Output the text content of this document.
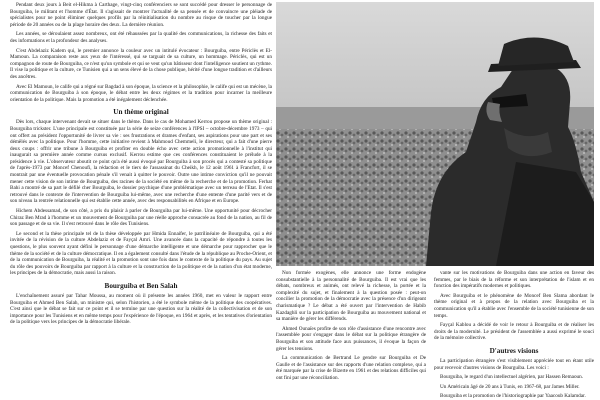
Pendant deux jours à Beit el-Hikma à Carthage, vingt-cinq conférenciers se sont succédé pour dresser le personnage de Bourguiba, le militant et l'homme d'État. Il s'agissait de montrer l'actualité de sa pensée et de convaincre une pléiade de spécialistes pour ne point éliminer quelques profils par la réinitialisation du nombre au risque de toucher par la longue période de 20 années ou de la plage horaire des deux. La dernière réunion.

Les années, se déroulaient assez nombreux, ont été réhaussées par la qualité des communications, la richesse des faits et des informations et la profondeur des analyses.

C'est Abdelaziz Kadem qui, le premier annonce la couleur avec un intitulé évocateur : Bourguiba, entre Périclès et El-Mamoun. La comparaison reste aux yeux de l'intéressé, qui se targuait de sa culture, un hommage. Périclès, qui est un compagnon de route de Bourguiba, ce n'est qu'un symbole et qui se veut qu'un bâtisseur dont l'intelligence soutient un rythme. Il vise la politique et la culture, ce Tunisien qui a un sens élevé de la chose publique, hérité d'une longue tradition et d'ailleurs des ancêtres.

Avec El Mamoun, le calife qui a régné sur Bagdad à son époque, la science et la philosophie, le calife qui est un mécène, la communication de Bourguiba à son époque, le débat entre les deux régimes et la tradition pour incarner la meilleure orientation de la politique. Mais la promotion a été inégalement déclenchée.

Un thème original

Dès lors, chaque intervenant devait se situer dans le thème. Dans le cas de Mohamed Kerrou propose un thème original : Bourguiba trickster. L'une principale est constituée par la série de seize conférences à l'IPSI – octobre-décembre 1973 – qui ont offert au président l'opportunité de livrer sa vie : ses frustrations et drames d'enfant, ses aspirations pour une part et ses démêlés avec la politique. Pour l'homme, cette initiative revient à Mahmoud Chemmeli, le directeur, qui a fait d'une pierre deux coups : offrir une tribune à Bourguiba et profiter en double écho avec cette action promotionnelle à l'institut qui inaugurait sa première année comme cursus exclusif. Kerrou estime que ces conférences constituaient le prélude à la présidence à vie. L'observateur aboutit ce point qu'a été aussi évoqué par Bourguiba à son procès qui a contesté sa politique de l'après-1973 par Moncef Chenoufi, la rédaction et le tiers de l'assassinat du Cheikh, le 12 août 1961 à Francfort, il se montrait par une éventuelle provocation pénale s'il venait à quitter le pouvoir. Outre une intime conviction qu'il ne pouvait mener cette vision de son intime de Bourguiba, des racines de la société en même de la recherche et de la promotion. Ferhat Bahi a montré de sa part le défilé cher Bourguiba, le dossier psychique d'une problématique avec un terreau de l'Etat. Il s'est retrouvé dans le contexte de l'intervention de Bourguiba lui-même, avec une recherche d'une entente d'une parité vers et de son niveau la rentrée relationnelle qui est établie cette année, avec des responsabilités en Afrique et en Europe.

Hichem Abdessamad, de son côté, a pris du plaisir à parler de Bourguiba par lui-même. Une opportunité pour décrocher Chiraz Ben Mrad à l'homme et un mouvement de Bourguiba par une réelle approche consacrée au fond de la nation, au fil de son passage et de sa vie. Il s'est retrouvé dans le rôle des Tunisiens.

Le second et la thèse principale tel de la thèse développée par Hmida Ennaifer, le patrilinéaire de Bourguiba, qui a été invitée de la révision de la culture Abdelaziz et de Fayçal Amri. Une avancée dans la capacité de répondre à toutes les questions, le plus souvent ayant défini le personnage d'une démarche intelligente et une démarche pour rapprocher que le thème de la société et de la culture démocratique. Il en a également consulté dans l'étude de la république au Proche-Orient, et de la communication de Bourguiba, la réalité et la promotion sont une fois dans le contexte de la politique du pays. Au sujet du rôle des pouvoirs de Bourguiba par rapport à la culture et la construction de la politique et de la nation d'un état moderne, les principes de la démocratie, mais aussi la raison.

Bourguiba et Ben Salah

L'enchaînement assuré par Tahar Moussa, au moment où il présente les années 1960, met en valeur le rapport entre Bourguiba et Ahmed Ben Salah, un ministre qui, selon l'historien, a été le symbole même de la politique des coopératives. C'est ainsi que le débat se fait sur ce point et il se termine par une question sur la réalité de la collectivisation et de son importance pour les Tunisiens et en même temps pour l'expérience de l'époque, en 1964 et après, et les tentatives d'orientation de la politique vers les principes de la démocratie libérale.

Non formée exogènes, elle annonce une forme endogène consubstantielle à la personnalité de Bourguiba. Il est vrai que les débats, nombreux et animés, ont relevé la richesse, la portée et la complexité du sujet, et finalement à la question posée : peut-on concilier la promotion de la démocratie avec la présence d'un dirigeant charismatique ? Le débat a été ouvert par l'intervention de Habib Kazdaghli sur la participation de Bourguiba au mouvement national et sa manière de gérer les différends.

Ahmed Ounaïes profite de son rôle d'assistance d'une rencontre avec l'assemblée pour s'engager dans le débat sur la politique étrangère de Bourguiba et son attitude face aux puissances, il évoque la façon de gérer les tensions.

La communication de Bertrand Le gendre sur Bourguiba et De Gaulle et de l'assistance sur des rapports d'une relation complexe, qui a été marquée par la crise de Bizerte en 1961 et des relations difficiles qui ont fini par une réconciliation.

vante sur les motivations de Bourguiba dans une action en faveur des femmes, par le biais de la réforme et son interprétation de l'islam et en fonction des impératifs modernes et politiques.

Avec Bourguiba et le phénomène de Moncef Ben Slama abordant le thème original et à propos de la relation avec Bourguiba et la communication qu'il a établie avec l'ensemble de la société tunisienne de son temps.

Fayçal Kablou a décidé de voir le retour à Bourguiba et de réaliser les droits de la modernité. Le président de l'assemblée a aussi exprimé le souci de la mémoire collective.

D'autres visions

La participation étrangère s'est visiblement appréciée tout en étant utile pour recevoir d'autres visions de Bourguiba. Les voici :

Bourguiba, le regard d'un intellectuel algérien, par Hassen Remaoun.

Un Américain âgé de 20 ans à Tunis, en 1967-68, par James Miller.

Bourguiba et la promotion de l'historiographie par Yaacoub Kalamdar.
